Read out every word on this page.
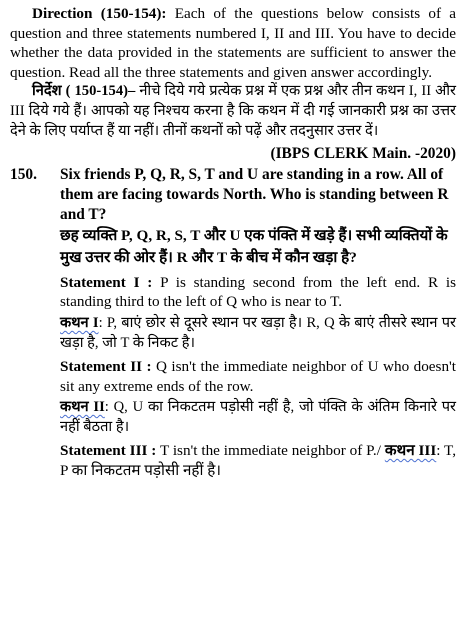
Direction (150-154): Each of the questions below consists of a question and three statements numbered I, II and III. You have to decide whether the data provided in the statements are sufficient to answer the question. Read all the three statements and given answer accordingly.

निर्देश ( 150-154)– नीचे दिये गये प्रत्येक प्रश्न में एक प्रश्न और तीन कथन I, II और III दिये गये हैं। आपको यह निश्चय करना है कि कथन में दी गई जानकारी प्रश्न का उत्तर देने के लिए पर्याप्त हैं या नहीं। तीनों कथनों को पढ़ें और तदनुसार उत्तर दें।

(IBPS CLERK Main. -2020)

150.	Six friends P, Q, R, S, T and U are standing in a row. All of them are facing towards North. Who is standing between R and T?

छह व्यक्ति P, Q, R, S, T और U एक पंक्ति में खड़े हैं। सभी व्यक्तियों के मुख उत्तर की ओर हैं। R और T के बीच में कौन खड़ा है?

Statement I : P is standing second from the left end. R is standing third to the left of Q who is near to T.

कथन I: P, बाएं छोर से दूसरे स्थान पर खड़ा है। R, Q के बाएं तीसरे स्थान पर खड़ा है, जो T के निकट है।

Statement II : Q isn't the immediate neighbor of U who doesn't sit any extreme ends of the row.

कथन II: Q, U का निकटतम पड़ोसी नहीं है, जो पंक्ति के अंतिम किनारे पर नहीं बैठता है।

Statement III : T isn't the immediate neighbor of P./ कथन III: T, P का निकटतम पड़ोसी नहीं है।
